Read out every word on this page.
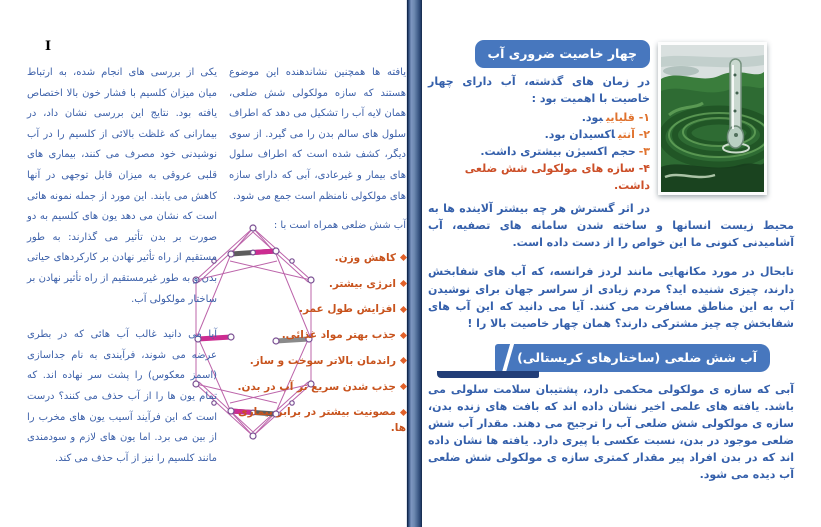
I

یکی از بررسی های انجام شده، به ارتباط میان میزان کلسیم با فشار خون بالا اختصاص یافته بود. نتایج این بررسی نشان داد، در بیمارانی که غلظت بالائی از کلسیم را در آب نوشیدنی خود مصرف می کنند، بیماری های قلبی عروقی به میزان قابل توجهی در آنها کاهش می یابند. این مورد از جمله نمونه هائی است که نشان می دهد یون های کلسیم به دو صورت بر بدن تأثیر می گذارند: به طور مستقیم از راه تأثیر نهادن بر کارکردهای حیاتی بدن و به طور غیرمستقیم از راه تأثیر نهادن بر ساختار مولکولی آب.

آیا می دانید غالب آب هائی که در بطری عرضه می شوند، فرآیندی به نام جداسازی (اسمز معکوس) را پشت سر نهاده اند. که تمام یون ها را از آب حذف می کنند؟ درست است که این فرآیند آسیب یون های مخرب را از بین می برد. اما یون های لازم و سودمندی مانند کلسیم را نیز از آب حذف می کند.

یافته ها همچنین نشاندهنده این موضوع هستند که سازه مولکولی شش ضلعی، همان لایه آب را تشکیل می دهد که اطراف سلول های سالم بدن را می گیرد. از سوی دیگر، کشف شده است که اطراف سلول های بیمار و غیرعادی، آبی که دارای سازه های مولکولی نامنظم است جمع می شود.

آب شش ضلعی همراه است با :

کاهش وزن.
انرژی بیشتر.
افزایش طول عمر.
جذب بهتر مواد غذائی.
راندمان بالاتر سوخت و ساز.
جذب شدن سریع تر آب در بدن.
مصونیت بیشتر در برابر بیماری ها.
چهار خاصیت ضروری آب

در زمان های گذشته، آب دارای چهار خاصیت با اهمیت بود :

۱- قلیاییبود.
۲- آنتیاکسیدان بود.
۳-حجم اکسیژن بیشتری داشت.
۴- سازه های مولکولی شش ضلعی داشت.

در اثر گسترش هر چه بیشتر آلاینده ها به محیط زیست انسانها و ساخته شدن سامانه های تصفیه، آب آشامیدنی کنونی ما این خواص را از دست داده است.

تابحال در مورد مکانهایی مانند لردز فرانسه، که آب های شفابخش دارند، چیزی شنیده اید؟ مردم زیادی از سراسر جهان برای نوشیدن آب به این مناطق مسافرت می کنند. آیا می دانید که این آب های شفابخش چه چیز مشترکی دارند؟ همان چهار خاصیت بالا را !

آب شش ضلعی (ساختارهای کریستالی)

آبی که سازه ی مولکولی محکمی دارد، پشتیبان سلامت سلولی می باشد. یافته های علمی اخیر نشان داده اند که بافت های زنده بدن، سازه ی مولکولی شش ضلعی آب را ترجیح می دهند. مقدار آب شش ضلعی موجود در بدن، نسبت عکسی با پیری دارد. یافته ها نشان داده اند که در بدن افراد پیر مقدار کمتری سازه ی مولکولی شش ضلعی آب دیده می شود.
